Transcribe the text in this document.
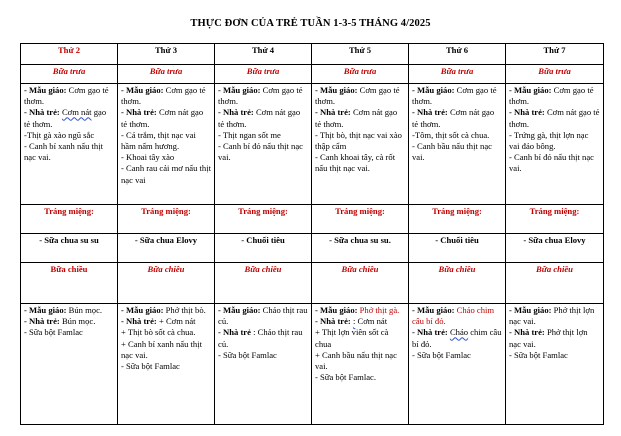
THỰC ĐƠN CỦA TRẺ TUẦN 1-3-5 THÁNG 4/2025
Thứ 2	Thứ 3	Thứ 4	Thứ 5	Thứ 6	Thứ 7
Bữa trưa	Bữa trưa	Bữa trưa	Bữa trưa	Bữa trưa	Bữa trưa

- Mẫu giáo: Cơm gạo tẻ thơm.
- Nhà trẻ: Cơm nát gạo tẻ thơm.
-Thịt gà xào ngũ sắc
- Canh bí xanh nấu thịt nạc vai.	- Mẫu giáo: Cơm gạo tẻ thơm.
- Nhà trẻ: Cơm nát gạo tẻ thơm.
- Cá trắm, thịt nạc vai hầm nấm hương.
- Khoai tây xào
- Canh rau cải mơ nấu thịt nạc vai	- Mẫu giáo: Cơm gạo tẻ thơm.
- Nhà trẻ: Cơm nát gạo tẻ thơm.
- Thịt ngan sốt me
- Canh bí đỏ nấu thịt nạc vai.	- Mẫu giáo: Cơm gạo tẻ thơm.
- Nhà trẻ: Cơm nát gạo tẻ thơm.
- Thịt bò, thịt nạc vai xào thập cẩm
- Canh khoai tây, cà rốt nấu thịt nạc vai.	- Mẫu giáo: Cơm gạo tẻ thơm.
- Nhà trẻ: Cơm nát gạo tẻ thơm.
-Tôm, thịt sốt cà chua.
- Canh bầu nấu thịt nạc vai.	- Mẫu giáo: Cơm gạo tẻ thơm.
- Nhà trẻ: Cơm nát gạo tẻ thơm.
- Trứng gà, thịt lợn nạc vai đảo bông.
- Canh bí đỏ nấu thịt nạc vai.

Tráng miệng:	Tráng miệng:	Tráng miệng:	Tráng miệng:	Tráng miệng:	Tráng miệng:
- Sữa chua su su	- Sữa chua Elovy	- Chuối tiêu	- Sữa chua su su.	- Chuối tiêu	- Sữa chua Elovy
Bữa chiều	Bữa chiều	Bữa chiều	Bữa chiều	Bữa chiều	Bữa chiều

- Mẫu giáo: Bún mọc.
- Nhà trẻ: Bún mọc.
- Sữa bột Famlac	- Mẫu giáo: Phở thịt bò.
- Nhà trẻ: + Cơm nát
+ Thịt bò sốt cà chua.
+ Canh bí xanh nấu thịt nạc vai.
- Sữa bột Famlac	- Mẫu giáo: Cháo thịt rau củ.
- Nhà trẻ : Cháo thịt rau củ.
- Sữa bột Famlac	- Mẫu giáo: Phở thịt gà.
- Nhà trẻ: : Cơm nát
+ Thịt lợn viên sốt cà chua
+ Canh bầu nấu thịt nạc vai.
- Sữa bột Famlac.	- Mẫu giáo: Cháo chim câu bí đỏ.
- Nhà trẻ: Cháo chim câu bí đỏ.
- Sữa bột Famlac	- Mẫu giáo: Phở thịt lợn nạc vai.
- Nhà trẻ: Phở thịt lợn nạc vai.
- Sữa bột Famlac
